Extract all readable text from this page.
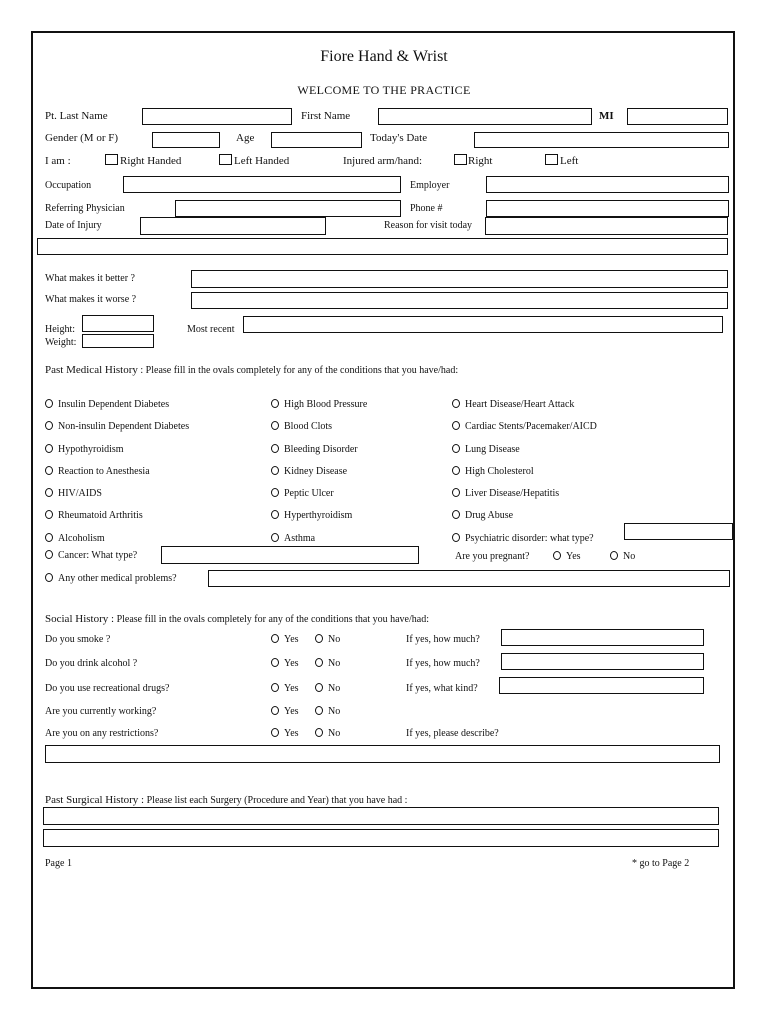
Fiore Hand & Wrist
WELCOME TO THE PRACTICE
Pt. Last Name	First Name	MI
Gender (M or F)	Age	Today's Date
I am :	Right Handed	Left Handed	Injured arm/hand:	Right	Left
Occupation	Employer
Referring Physician	Phone #
Date of Injury	Reason for visit today
What makes it better ?
What makes it worse ?
Height:
Weight:
Most recent
Past Medical History : Please fill in the ovals completely for any of the conditions that you have/had:
Insulin Dependent Diabetes
Non-insulin Dependent Diabetes
Hypothyroidism
Reaction to Anesthesia
HIV/AIDS
Rheumatoid Arthritis
Alcoholism
High Blood Pressure
Blood Clots
Bleeding Disorder
Kidney Disease
Peptic Ulcer
Hyperthyroidism
Asthma
Heart Disease/Heart Attack
Cardiac Stents/Pacemaker/AICD
Lung Disease
High Cholesterol
Liver Disease/Hepatitis
Drug Abuse
Psychiatric disorder: what type?
Cancer: What type?	Are you pregnant?	Yes	No
Any other medical problems?
Social History : Please fill in the ovals completely for any of the conditions that you have/had:
Do you smoke ?	Yes	No	If yes, how much?
Do you drink alcohol ?	Yes	No	If yes, how much?
Do you use recreational drugs?	Yes	No	If yes, what kind?
Are you currently working?	Yes	No
Are you on any restrictions?	Yes	No	If yes, please describe?
Past Surgical History : Please list each Surgery (Procedure and Year) that you have had :
Page 1	* go to Page 2
